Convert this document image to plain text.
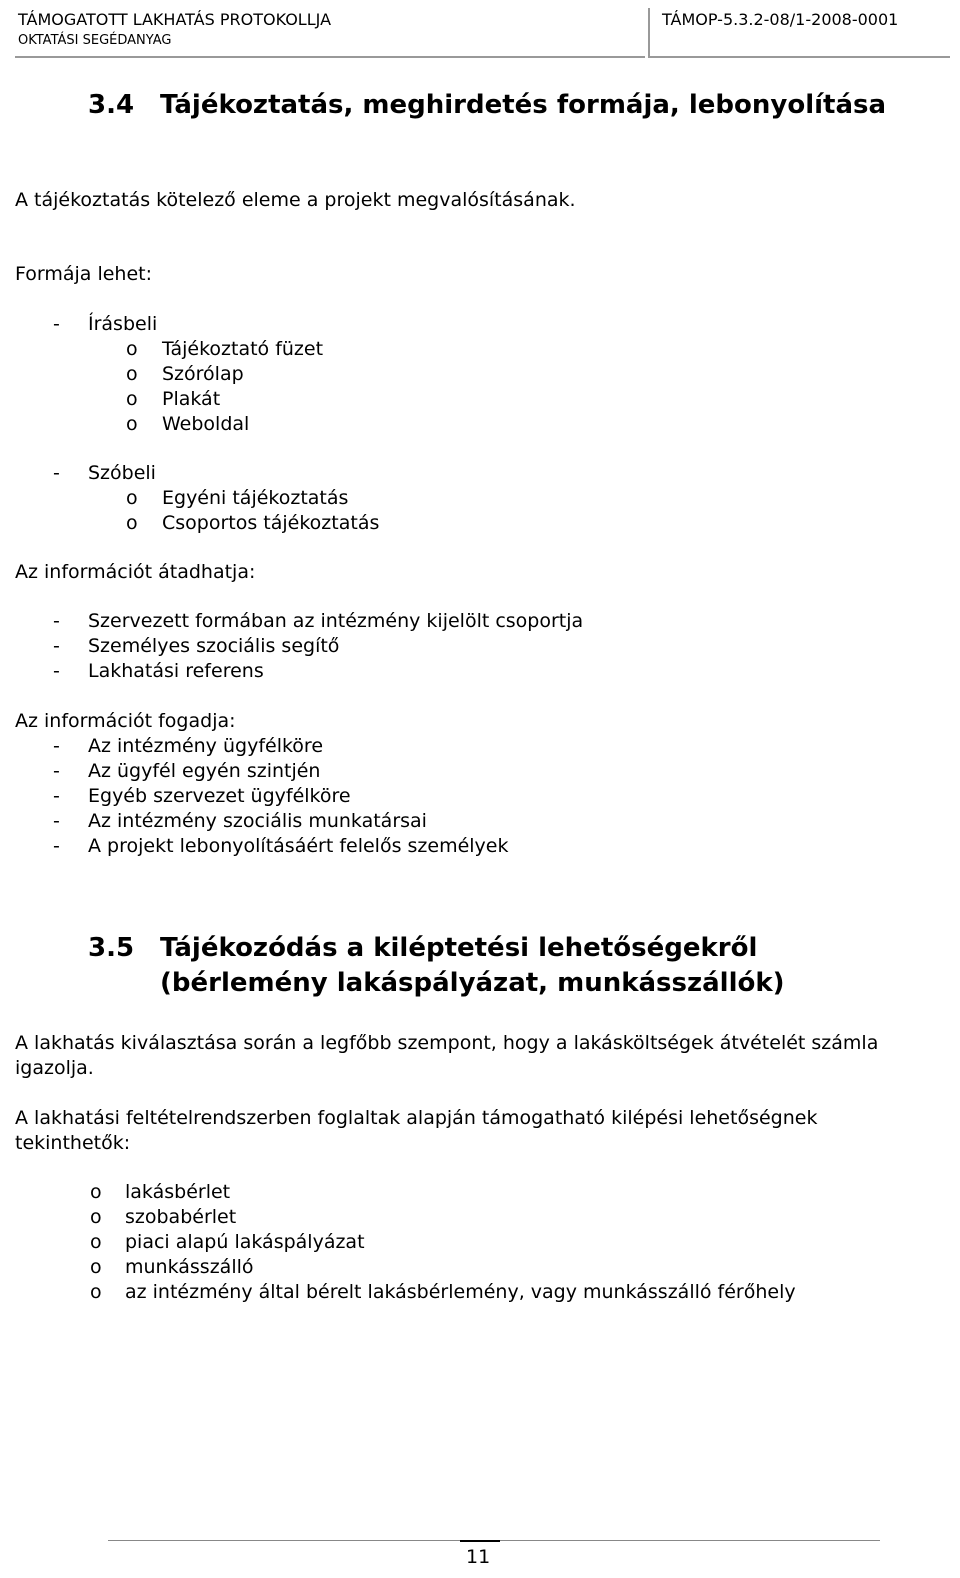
TÁMOGATOTT LAKHATÁS PROTOKOLLJA
OKTATÁSI SEGÉDANYAG
TÁMOP-5.3.2-08/1-2008-0001
3.4 Tájékoztatás, meghirdetés formája, lebonyolítása
A tájékoztatás kötelező eleme a projekt megvalósításának.
Formája lehet:
- Írásbeli
o Tájékoztató füzet
o Szórólap
o Plakát
o Weboldal
- Szóbeli
o Egyéni tájékoztatás
o Csoportos tájékoztatás
Az információt átadhatja:
- Szervezett formában az intézmény kijelölt csoportja
- Személyes szociális segítő
- Lakhatási referens
Az információt fogadja:
- Az intézmény ügyfélköre
- Az ügyfél egyén szintjén
- Egyéb szervezet ügyfélköre
- Az intézmény szociális munkatársai
- A projekt lebonyolításáért felelős személyek
3.5 Tájékozódás a kiléptetési lehetőségekről (bérlemény lakáspályázat, munkásszállók)
A lakhatás kiválasztása során a legfőbb szempont, hogy a lakásköltségek átvételét számla igazolja.
A lakhatási feltételrendszerben foglaltak alapján támogatható kilépési lehetőségnek tekinthetők:
o lakásbérlet
o szobabérlet
o piaci alapú lakáspályázat
o munkásszálló
o az intézmény által bérelt lakásbérlemény, vagy munkásszálló férőhely
11
